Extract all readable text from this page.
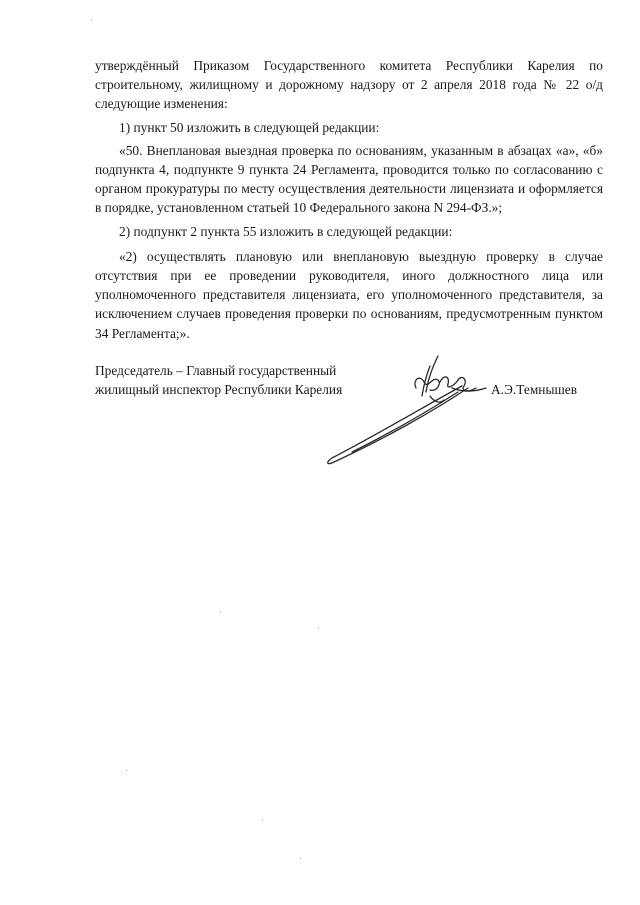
утверждённый Приказом Государственного комитета Республики Карелия по строительному, жилищному и дорожному надзору от 2 апреля 2018 года № 22 о/д следующие изменения:

1) пункт 50 изложить в следующей редакции:

«50. Внеплановая выездная проверка по основаниям, указанным в абзацах «а», «б» подпункта 4, подпункте 9 пункта 24 Регламента, проводится только по согласованию с органом прокуратуры по месту осуществления деятельности лицензиата и оформляется в порядке, установленном статьей 10 Федерального закона N 294-ФЗ.»;

2) подпункт 2 пункта 55 изложить в следующей редакции:

«2) осуществлять плановую или внеплановую выездную проверку в случае отсутствия при ее проведении руководителя, иного должностного лица или уполномоченного представителя лицензиата, его уполномоченного представителя, за исключением случаев проведения проверки по основаниям, предусмотренным пунктом 34 Регламента;».

Председатель – Главный государственный

жилищный инспектор Республики Карелия	А.Э.Темнышев
